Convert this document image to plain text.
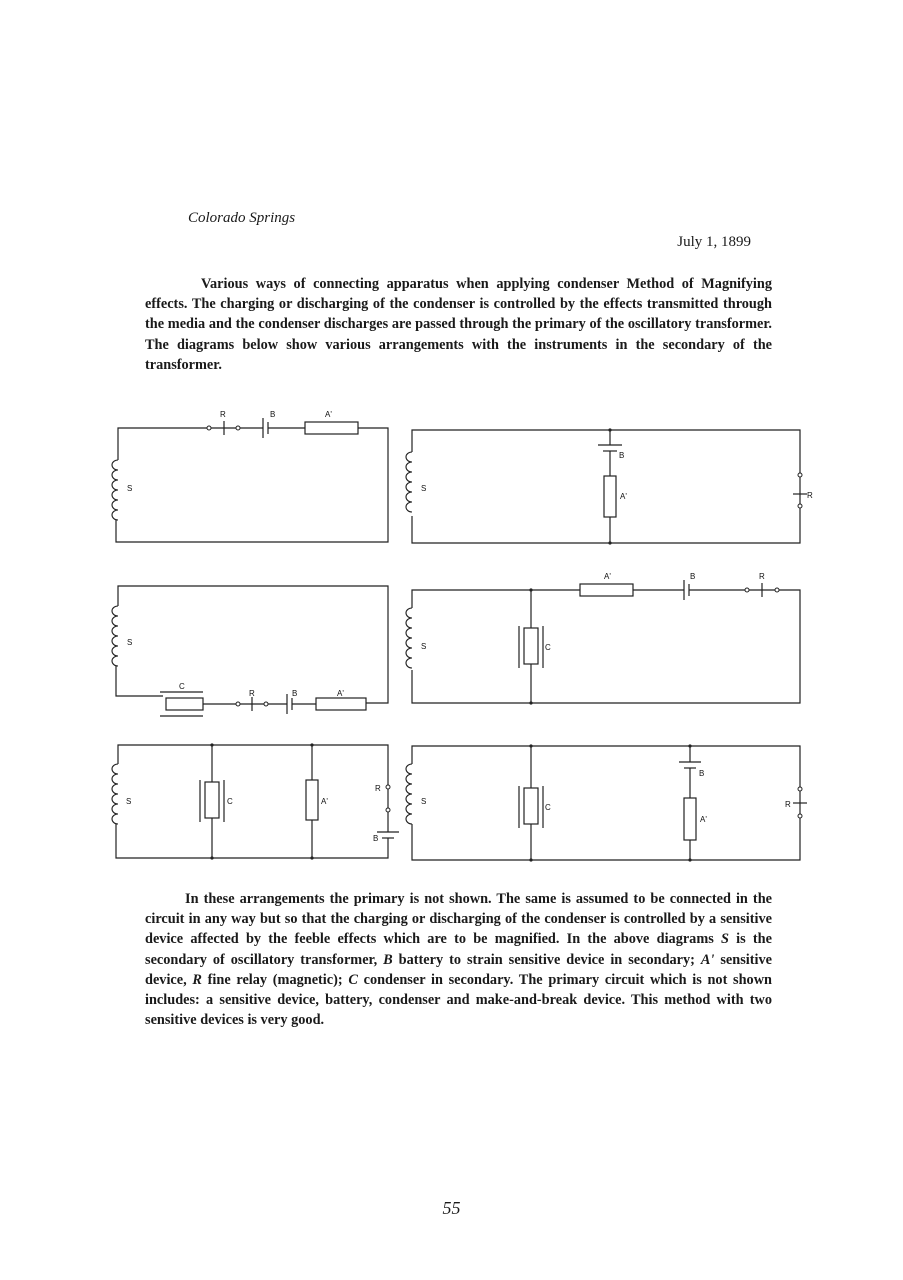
Colorado Springs
July 1, 1899

Various ways of connecting apparatus when applying condenser Method of Magnifying effects. The charging or discharging of the condenser is controlled by the effects transmitted through the media and the condenser discharges are passed through the primary of the oscillatory transformer. The diagrams below show various arrangements with the instruments in the secondary of the transformer.

S
R	B	A'
S
B
A'	R
S
C
R	B	A'
S	C
A'	B	R
S	C	A'
R
B
S
C
B
A'
R

In these arrangements the primary is not shown. The same is assumed to be connected in the circuit in any way but so that the charging or discharging of the condenser is controlled by a sensitive device affected by the feeble effects which are to be magnified. In the above diagrams S is the secondary of oscillatory transformer, B battery to strain sensitive device in secondary; A' sensitive device, R fine relay (magnetic); C condenser in secondary. The primary circuit which is not shown includes: a sensitive device, battery, condenser and make-and-break device. This method with two sensitive devices is very good.

55
